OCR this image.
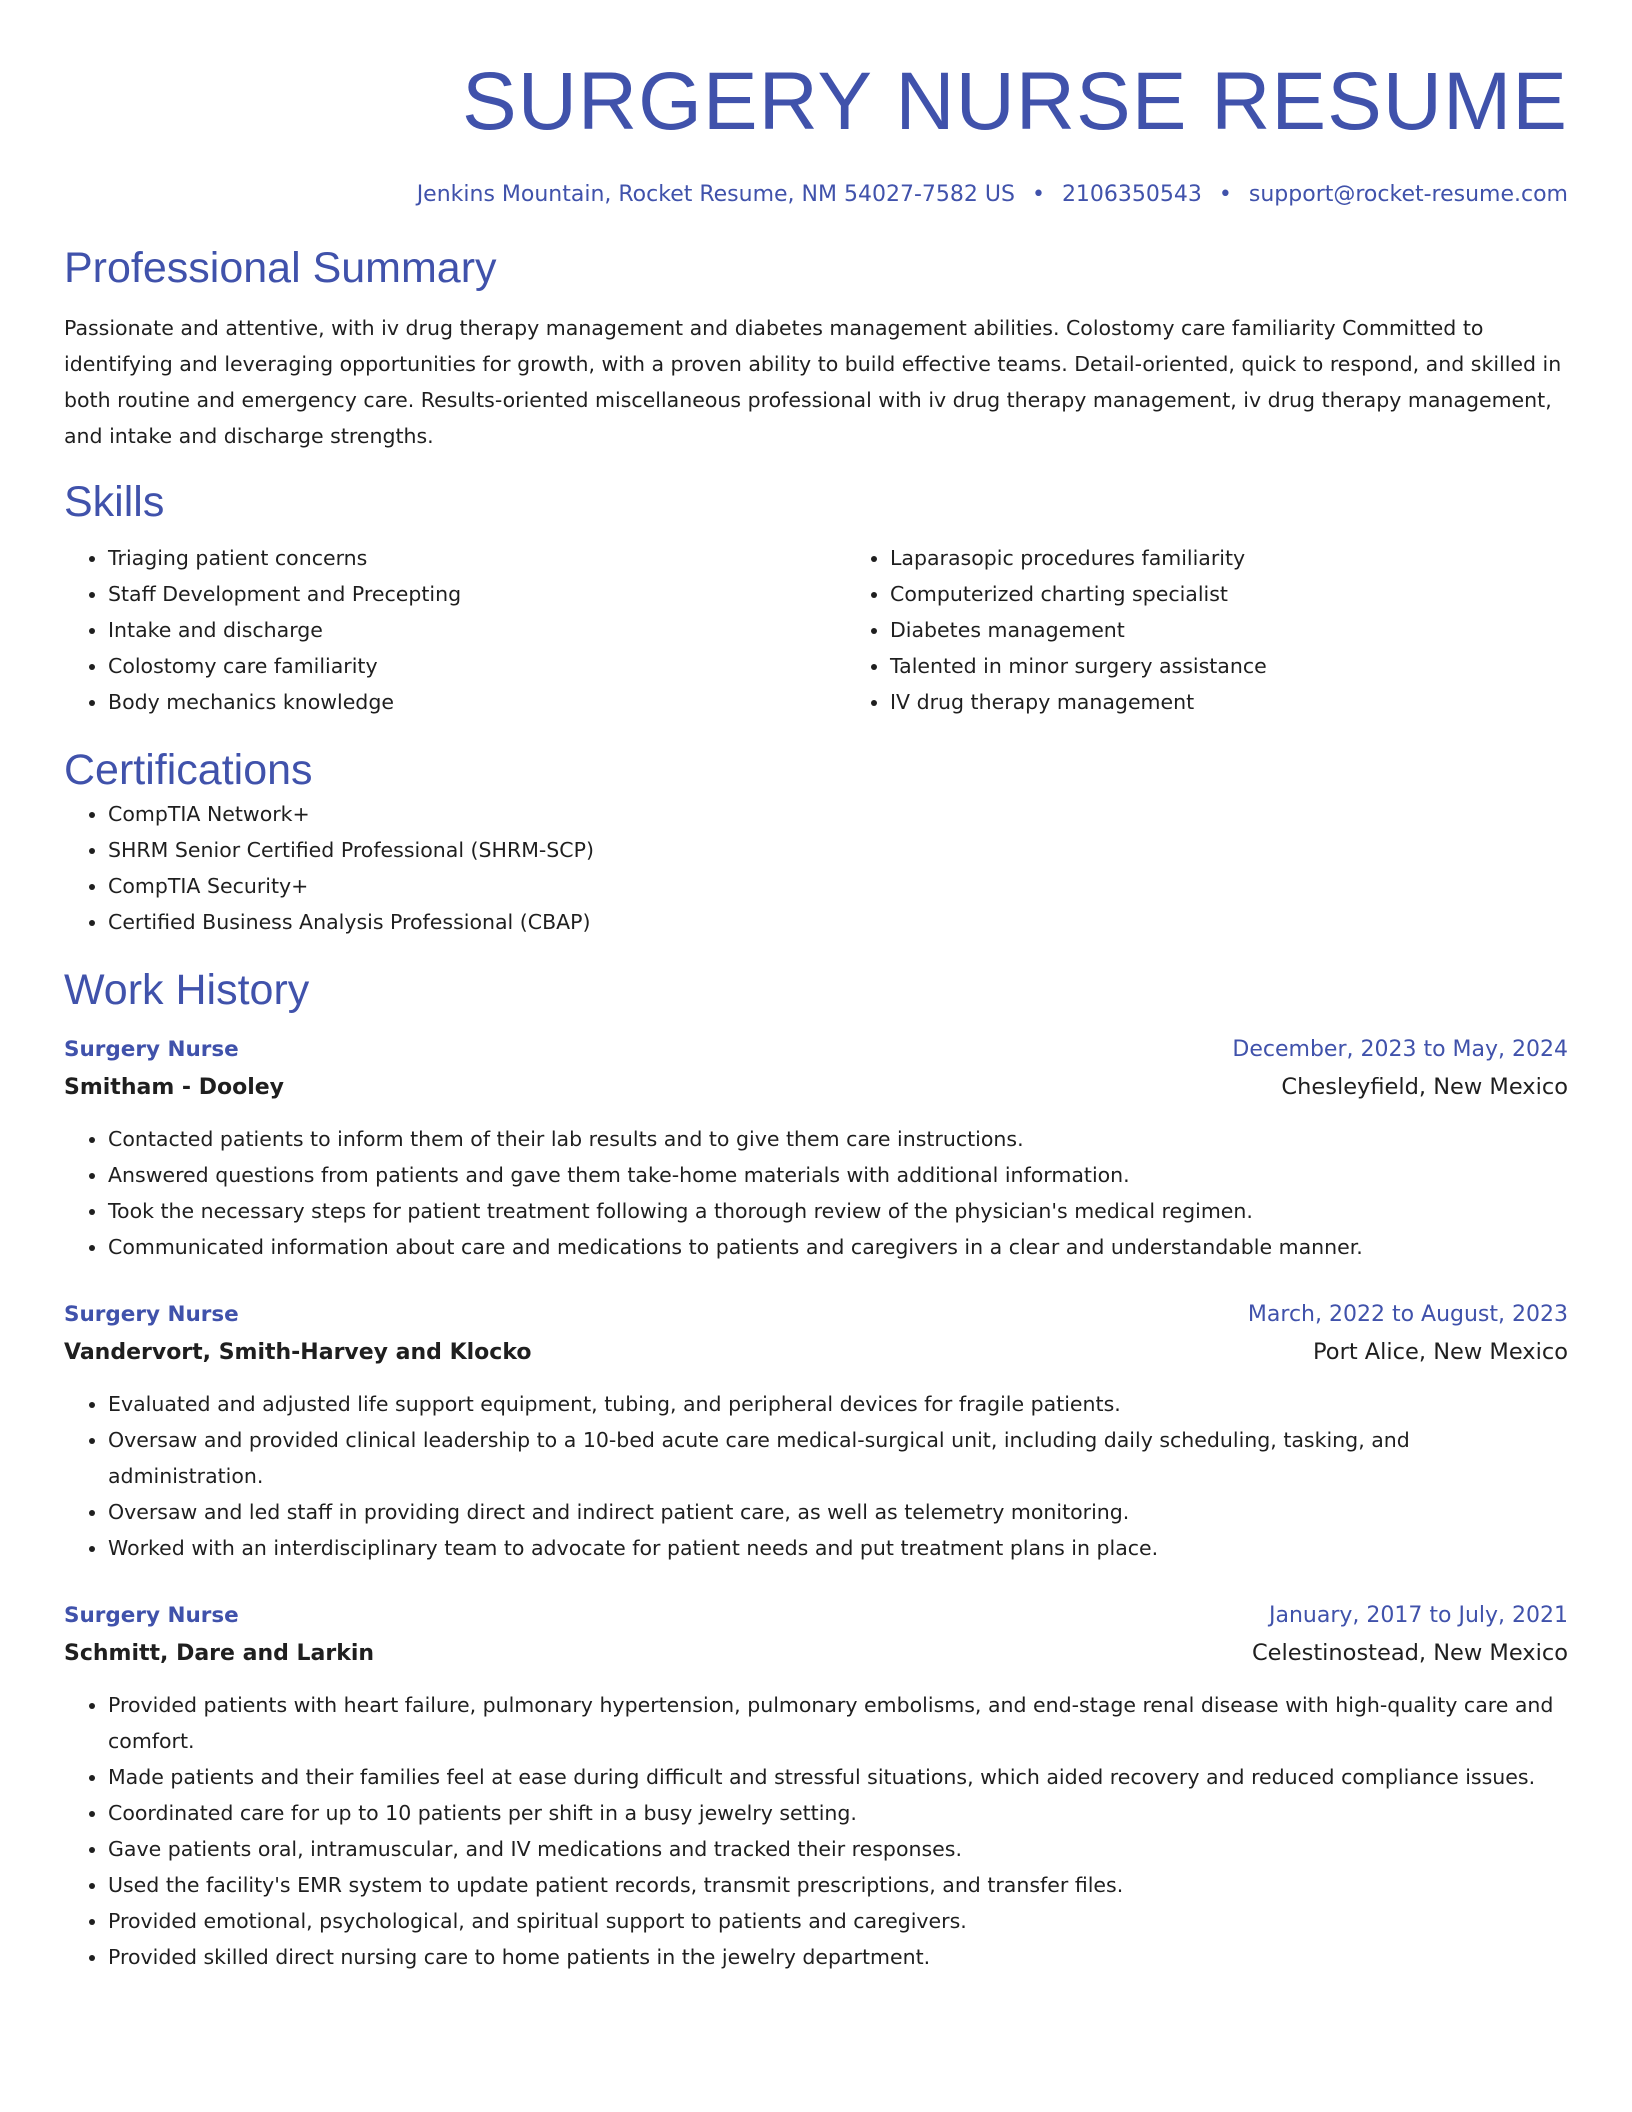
SURGERY NURSE RESUME
Jenkins Mountain, Rocket Resume, NM 54027-7582 US • 2106350543 • support@rocket-resume.com
Professional Summary

Passionate and attentive, with iv drug therapy management and diabetes management abilities. Colostomy care familiarity Committed to identifying and leveraging opportunities for growth, with a proven ability to build effective teams. Detail-oriented, quick to respond, and skilled in both routine and emergency care. Results-oriented miscellaneous professional with iv drug therapy management, iv drug therapy management, and intake and discharge strengths.

Skills
• Triaging patient concerns
• Staff Development and Precepting
• Intake and discharge
• Colostomy care familiarity
• Body mechanics knowledge
• Laparasopic procedures familiarity
• Computerized charting specialist
• Diabetes management
• Talented in minor surgery assistance
• IV drug therapy management
Certifications
• CompTIA Network+
• SHRM Senior Certified Professional (SHRM-SCP)
• CompTIA Security+
• Certified Business Analysis Professional (CBAP)
Work History
Surgery Nurse	December, 2023 to May, 2024
Smitham - Dooley	Chesleyfield, New Mexico
• Contacted patients to inform them of their lab results and to give them care instructions.
• Answered questions from patients and gave them take-home materials with additional information.
• Took the necessary steps for patient treatment following a thorough review of the physician's medical regimen.
• Communicated information about care and medications to patients and caregivers in a clear and understandable manner.
Surgery Nurse	March, 2022 to August, 2023
Vandervort, Smith-Harvey and Klocko	Port Alice, New Mexico
• Evaluated and adjusted life support equipment, tubing, and peripheral devices for fragile patients.
• Oversaw and provided clinical leadership to a 10-bed acute care medical-surgical unit, including daily scheduling, tasking, and administration.
• Oversaw and led staff in providing direct and indirect patient care, as well as telemetry monitoring.
• Worked with an interdisciplinary team to advocate for patient needs and put treatment plans in place.
Surgery Nurse	January, 2017 to July, 2021
Schmitt, Dare and Larkin	Celestinostead, New Mexico
• Provided patients with heart failure, pulmonary hypertension, pulmonary embolisms, and end-stage renal disease with high-quality care and comfort.
• Made patients and their families feel at ease during difficult and stressful situations, which aided recovery and reduced compliance issues.
• Coordinated care for up to 10 patients per shift in a busy jewelry setting.
• Gave patients oral, intramuscular, and IV medications and tracked their responses.
• Used the facility's EMR system to update patient records, transmit prescriptions, and transfer files.
• Provided emotional, psychological, and spiritual support to patients and caregivers.
• Provided skilled direct nursing care to home patients in the jewelry department.
